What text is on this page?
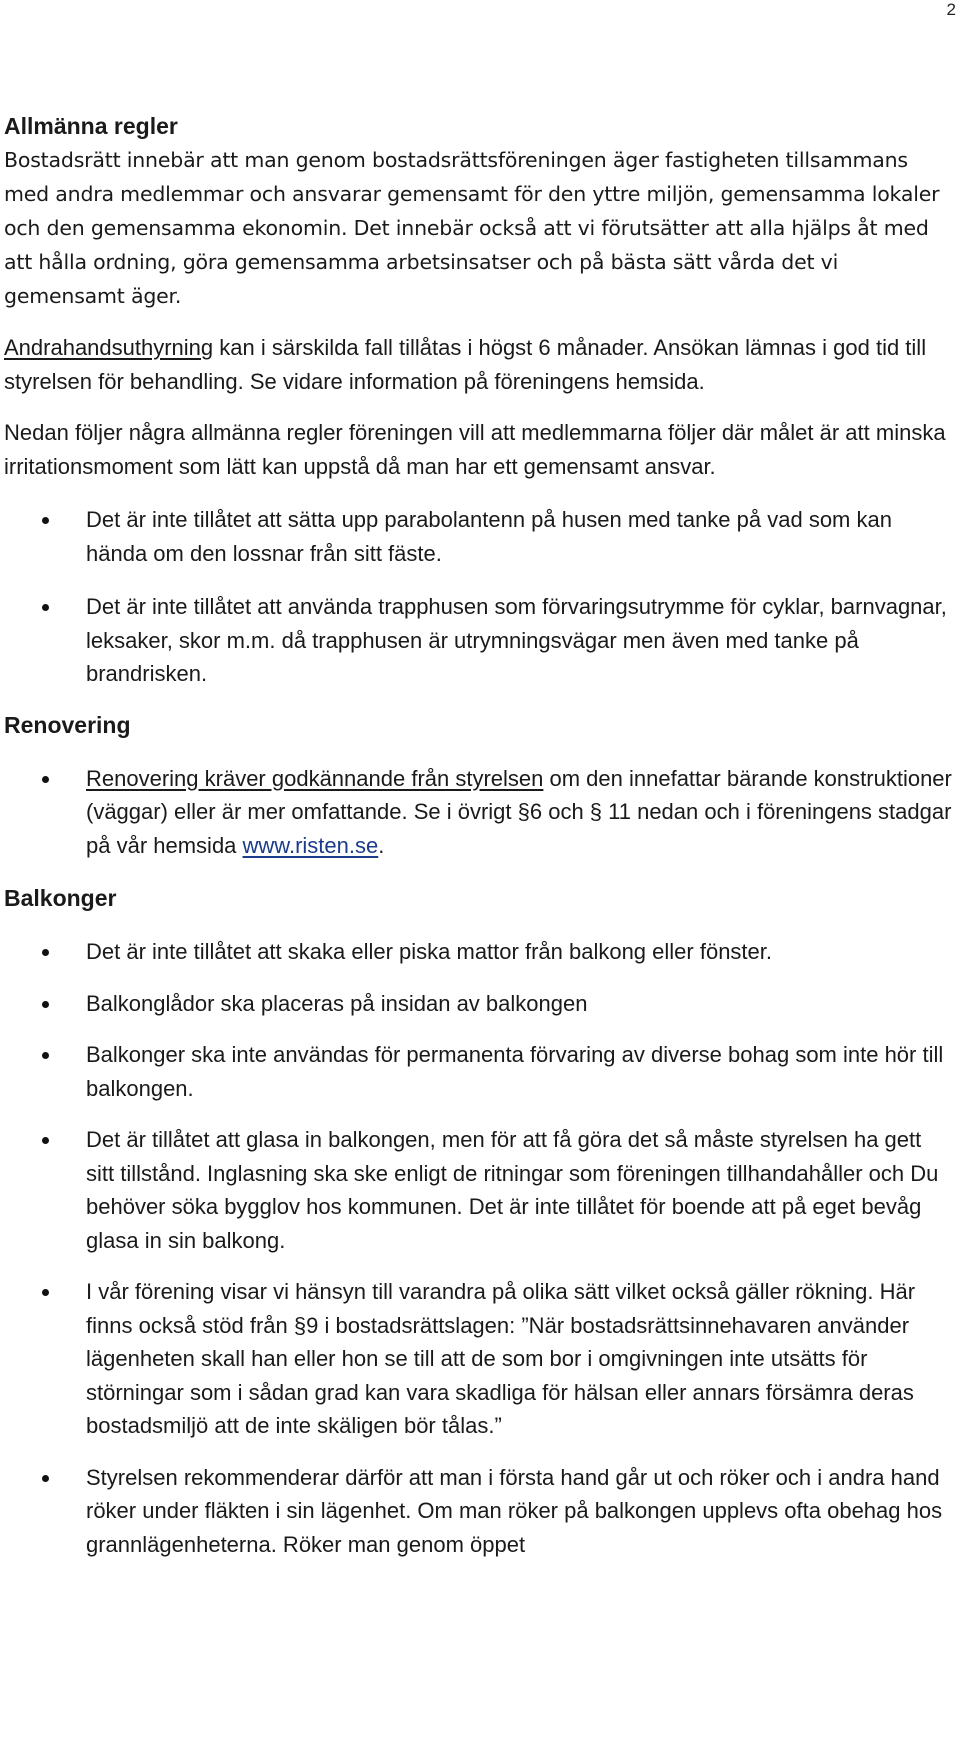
2
Allmänna regler

Bostadsrätt innebär att man genom bostadsrättsföreningen äger fastigheten tillsammans med andra medlemmar och ansvarar gemensamt för den yttre miljön, gemensamma lokaler och den gemensamma ekonomin. Det innebär också att vi förutsätter att alla hjälps åt med att hålla ordning, göra gemensamma arbetsinsatser och på bästa sätt vårda det vi gemensamt äger.

Andrahandsuthyrning kan i särskilda fall tillåtas i högst 6 månader. Ansökan lämnas i god tid till styrelsen för behandling. Se vidare information på föreningens hemsida.

Nedan följer några allmänna regler föreningen vill att medlemmarna följer där målet är att minska irritationsmoment som lätt kan uppstå då man har ett gemensamt ansvar.

Det är inte tillåtet att sätta upp parabolantenn på husen med tanke på vad som kan hända om den lossnar från sitt fäste.
Det är inte tillåtet att använda trapphusen som förvaringsutrymme för cyklar, barnvagnar, leksaker, skor m.m. då trapphusen är utrymningsvägar men även med tanke på brandrisken.
Renovering
Renovering kräver godkännande från styrelsen om den innefattar bärande konstruktioner (väggar) eller är mer omfattande. Se i övrigt §6 och § 11 nedan och i föreningens stadgar på vår hemsida www.risten.se.
Balkonger
Det är inte tillåtet att skaka eller piska mattor från balkong eller fönster.
Balkonglådor ska placeras på insidan av balkongen
Balkonger ska inte användas för permanenta förvaring av diverse bohag som inte hör till balkongen.
Det är tillåtet att glasa in balkongen, men för att få göra det så måste styrelsen ha gett sitt tillstånd. Inglasning ska ske enligt de ritningar som föreningen tillhandahåller och Du behöver söka bygglov hos kommunen. Det är inte tillåtet för boende att på eget bevåg glasa in sin balkong.
I vår förening visar vi hänsyn till varandra på olika sätt vilket också gäller rökning. Här finns också stöd från §9 i bostadsrättslagen: ”När bostadsrättsinnehavaren använder lägenheten skall han eller hon se till att de som bor i omgivningen inte utsätts för störningar som i sådan grad kan vara skadliga för hälsan eller annars försämra deras bostadsmiljö att de inte skäligen bör tålas.”
Styrelsen rekommenderar därför att man i första hand går ut och röker och i andra hand röker under fläkten i sin lägenhet. Om man röker på balkongen upplevs ofta obehag hos grannlägenheterna. Röker man genom öppet
